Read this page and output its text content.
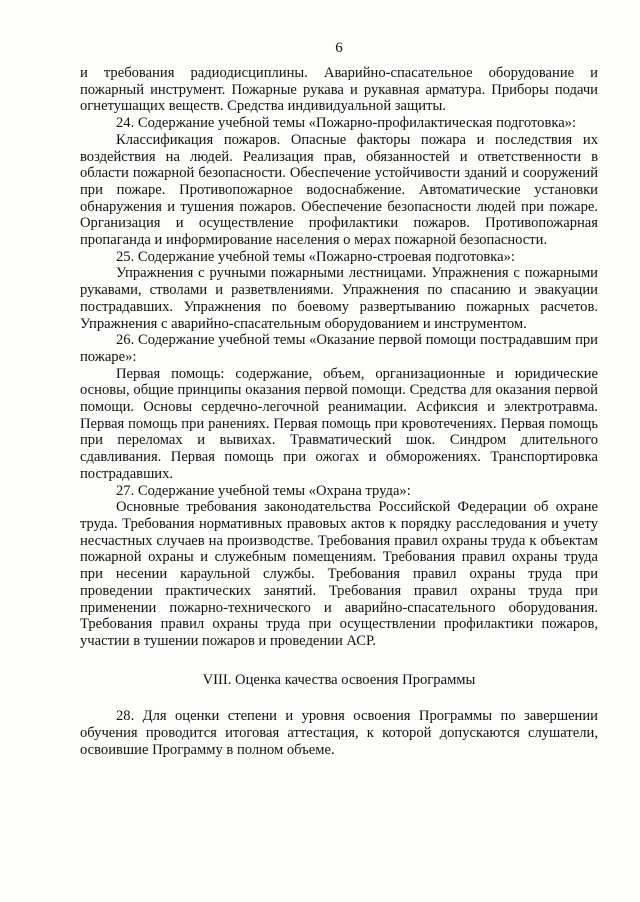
6

и требования радиодисциплины. Аварийно-спасательное оборудование и пожарный инструмент. Пожарные рукава и рукавная арматура. Приборы подачи огнетушащих веществ. Средства индивидуальной защиты.

24. Содержание учебной темы «Пожарно-профилактическая подготовка»:

Классификация пожаров. Опасные факторы пожара и последствия их воздействия на людей. Реализация прав, обязанностей и ответственности в области пожарной безопасности. Обеспечение устойчивости зданий и сооружений при пожаре. Противопожарное водоснабжение. Автоматические установки обнаружения и тушения пожаров. Обеспечение безопасности людей при пожаре. Организация и осуществление профилактики пожаров. Противопожарная пропаганда и информирование населения о мерах пожарной безопасности.

25. Содержание учебной темы «Пожарно-строевая подготовка»:

Упражнения с ручными пожарными лестницами. Упражнения с пожарными рукавами, стволами и разветвлениями. Упражнения по спасанию и эвакуации пострадавших. Упражнения по боевому развертыванию пожарных расчетов. Упражнения с аварийно-спасательным оборудованием и инструментом.

26. Содержание учебной темы «Оказание первой помощи пострадавшим при пожаре»:

Первая помощь: содержание, объем, организационные и юридические основы, общие принципы оказания первой помощи. Средства для оказания первой помощи. Основы сердечно-легочной реанимации. Асфиксия и электротравма. Первая помощь при ранениях. Первая помощь при кровотечениях. Первая помощь при переломах и вывихах. Травматический шок. Синдром длительного сдавливания. Первая помощь при ожогах и обморожениях. Транспортировка пострадавших.

27. Содержание учебной темы «Охрана труда»:

Основные требования законодательства Российской Федерации об охране труда. Требования нормативных правовых актов к порядку расследования и учету несчастных случаев на производстве. Требования правил охраны труда к объектам пожарной охраны и служебным помещениям. Требования правил охраны труда при несении караульной службы. Требования правил охраны труда при проведении практических занятий. Требования правил охраны труда при применении пожарно-технического и аварийно-спасательного оборудования. Требования правил охраны труда при осуществлении профилактики пожаров, участии в тушении пожаров и проведении АСР.

VIII. Оценка качества освоения Программы

28. Для оценки степени и уровня освоения Программы по завершении обучения проводится итоговая аттестация, к которой допускаются слушатели, освоившие Программу в полном объеме.
